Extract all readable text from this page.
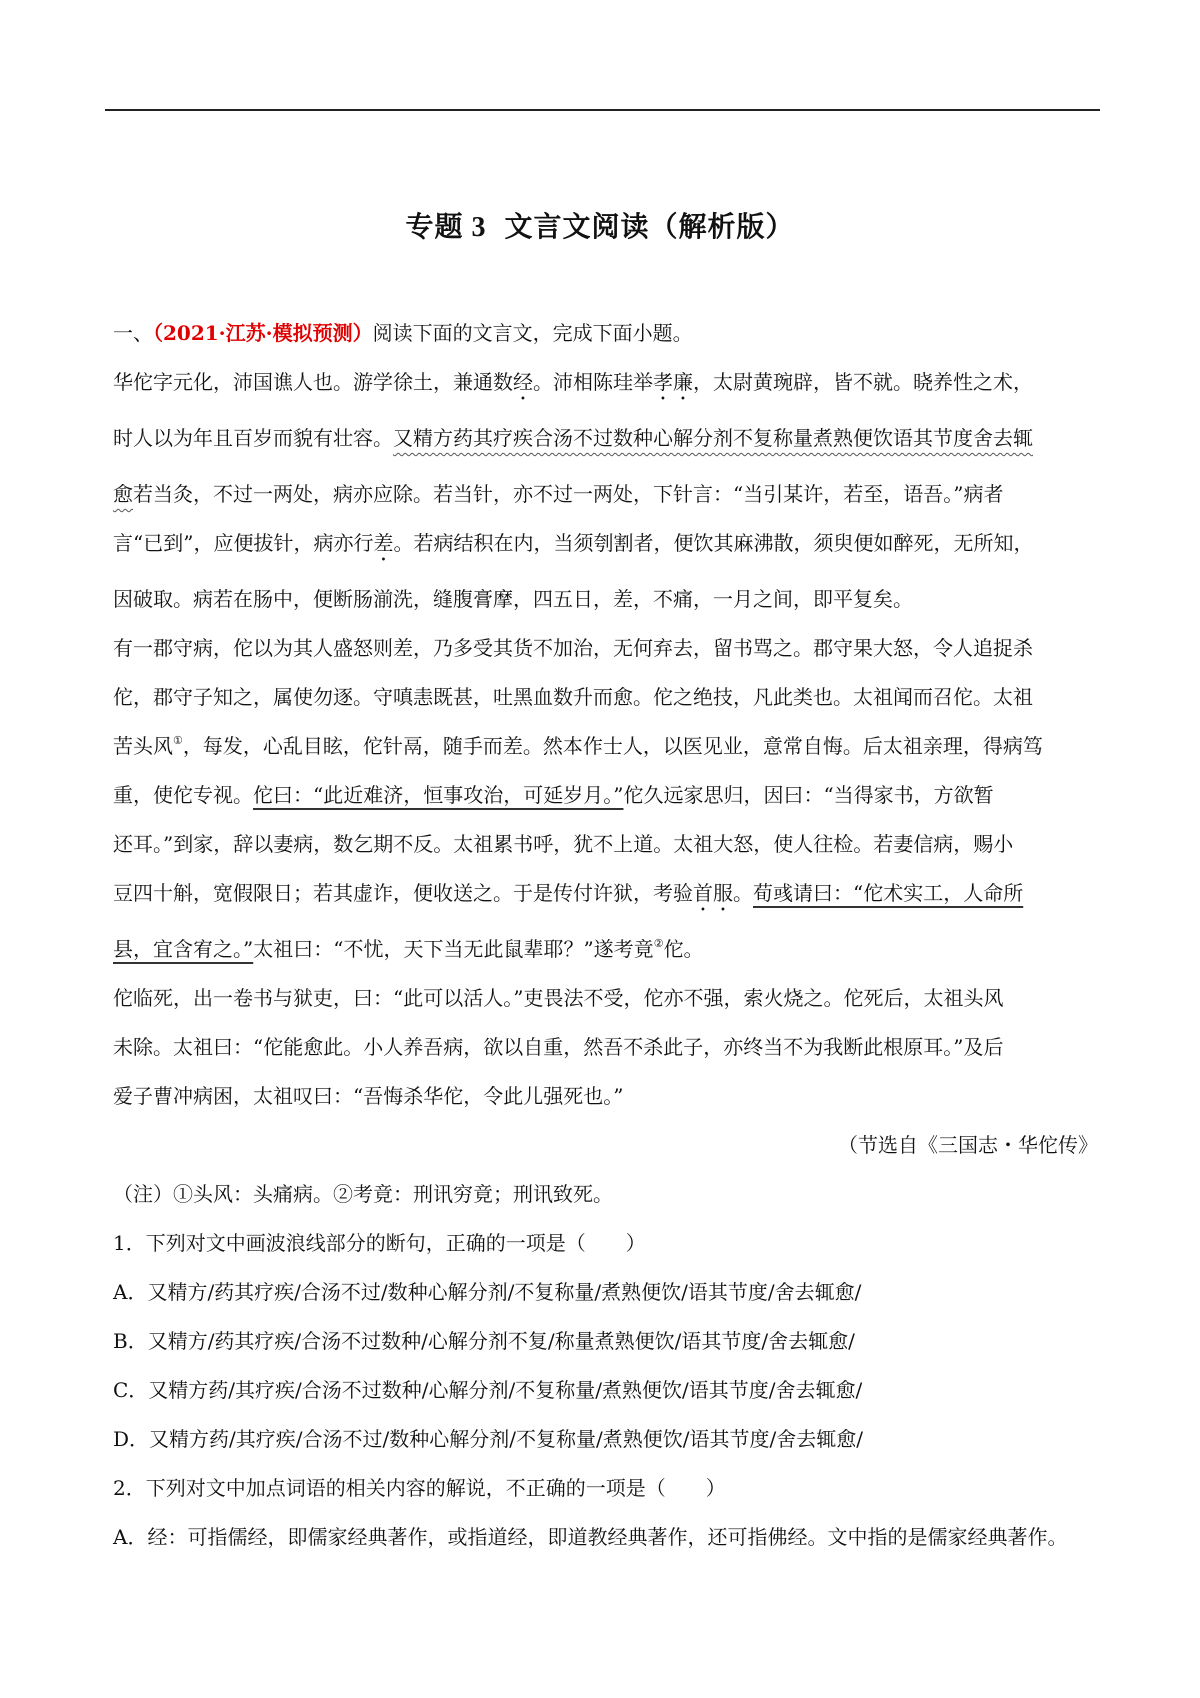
专题 3 文言文阅读（解析版）
一、（2021·江苏·模拟预测）阅读下面的文言文，完成下面小题。
华佗字元化，沛国谯人也。游学徐土，兼通数经。沛相陈珪举孝廉，太尉黄琬辟，皆不就。晓养性之术，
时人以为年且百岁而貌有壮容。又精方药其疗疾合汤不过数种心解分剂不复称量煮熟便饮语其节度舍去辄
愈若当灸，不过一两处，病亦应除。若当针，亦不过一两处，下针言：“当引某许，若至，语吾。”病者
言“已到”，应便拔针，病亦行差。若病结积在内，当须刳割者，便饮其麻沸散，须臾便如醉死，无所知，
因破取。病若在肠中，便断肠湔洗，缝腹膏摩，四五日，差，不痛，一月之间，即平复矣。
有一郡守病，佗以为其人盛怒则差，乃多受其货不加治，无何弃去，留书骂之。郡守果大怒，令人追捉杀
佗，郡守子知之，属使勿逐。守嗔恚既甚，吐黑血数升而愈。佗之绝技，凡此类也。太祖闻而召佗。太祖
苦头风①，每发，心乱目眩，佗针鬲，随手而差。然本作士人，以医见业，意常自悔。后太祖亲理，得病笃
重，使佗专视。佗曰：“此近难济，恒事攻治，可延岁月。”佗久远家思归，因曰：“当得家书，方欲暂
还耳。”到家，辞以妻病，数乞期不反。太祖累书呼，犹不上道。太祖大怒，使人往检。若妻信病，赐小
豆四十斛，宽假限日；若其虚诈，便收送之。于是传付许狱，考验首服。荀彧请曰：“佗术实工，人命所
县，宜含宥之。”太祖曰：“不忧，天下当无此鼠辈耶？”遂考竟②佗。
佗临死，出一卷书与狱吏，曰：“此可以活人。”吏畏法不受，佗亦不强，索火烧之。佗死后，太祖头风
未除。太祖曰：“佗能愈此。小人养吾病，欲以自重，然吾不杀此子，亦终当不为我断此根原耳。”及后
爱子曹冲病困，太祖叹曰：“吾悔杀华佗，令此儿强死也。”
（节选自《三国志・华佗传》
（注）①头风：头痛病。②考竟：刑讯穷竟；刑讯致死。
1．下列对文中画波浪线部分的断句，正确的一项是（　　）
A．又精方/药其疗疾/合汤不过/数种心解分剂/不复称量/煮熟便饮/语其节度/舍去辄愈/
B．又精方/药其疗疾/合汤不过数种/心解分剂不复/称量煮熟便饮/语其节度/舍去辄愈/
C．又精方药/其疗疾/合汤不过数种/心解分剂/不复称量/煮熟便饮/语其节度/舍去辄愈/
D．又精方药/其疗疾/合汤不过/数种心解分剂/不复称量/煮熟便饮/语其节度/舍去辄愈/
2．下列对文中加点词语的相关内容的解说，不正确的一项是（　　）
A．经：可指儒经，即儒家经典著作，或指道经，即道教经典著作，还可指佛经。文中指的是儒家经典著作。
